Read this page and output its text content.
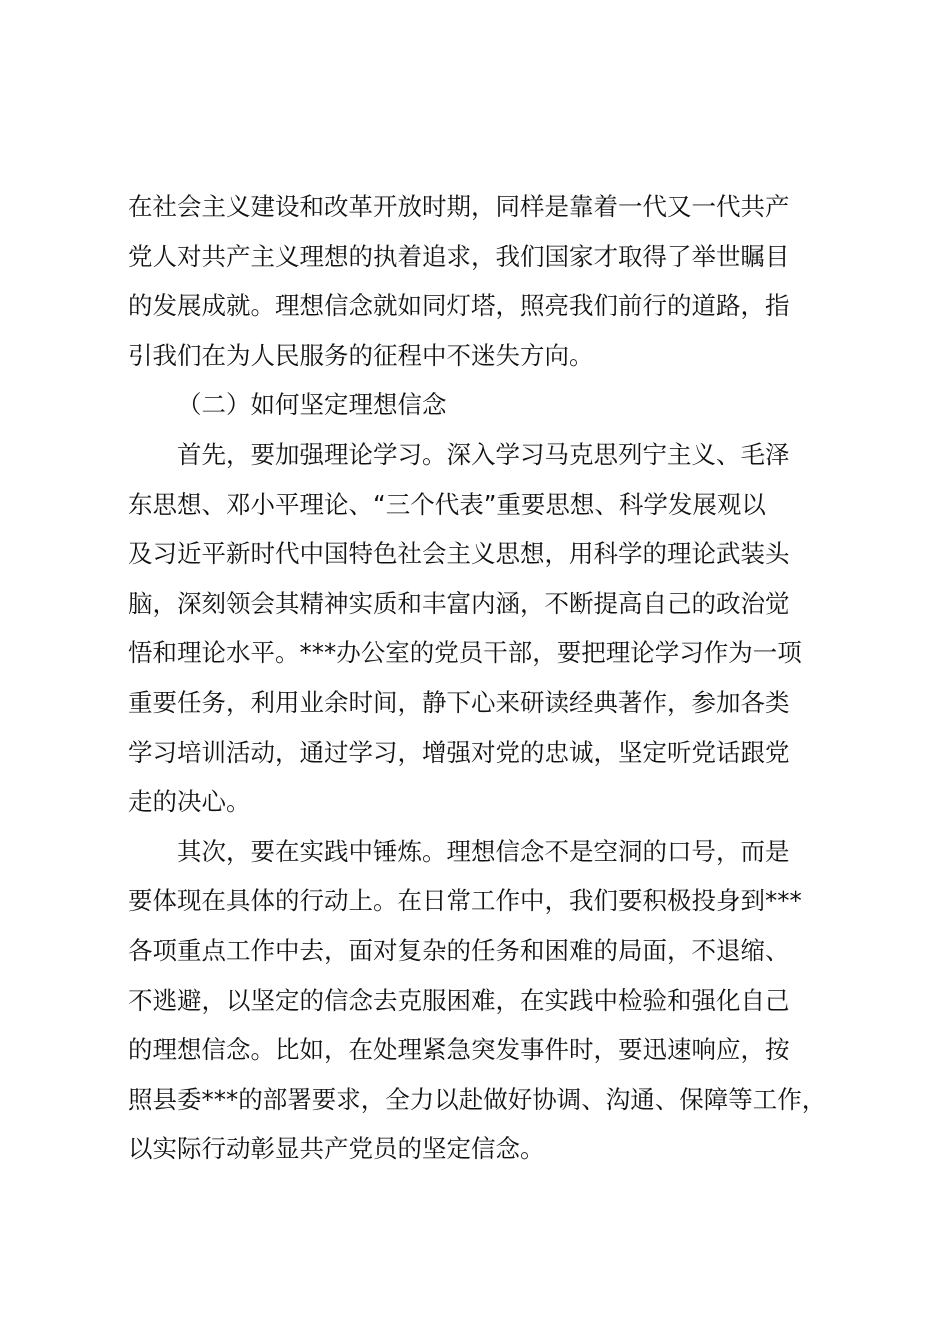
在社会主义建设和改革开放时期，同样是靠着一代又一代共产
党人对共产主义理想的执着追求，我们国家才取得了举世瞩目
的发展成就。理想信念就如同灯塔，照亮我们前行的道路，指
引我们在为人民服务的征程中不迷失方向。

（二）如何坚定理想信念

首先，要加强理论学习。深入学习马克思列宁主义、毛泽
东思想、邓小平理论、“三个代表”重要思想、科学发展观以
及习近平新时代中国特色社会主义思想，用科学的理论武装头
脑，深刻领会其精神实质和丰富内涵，不断提高自己的政治觉
悟和理论水平。***办公室的党员干部，要把理论学习作为一项
重要任务，利用业余时间，静下心来研读经典著作，参加各类
学习培训活动，通过学习，增强对党的忠诚，坚定听党话跟党
走的决心。

其次，要在实践中锤炼。理想信念不是空洞的口号，而是
要体现在具体的行动上。在日常工作中，我们要积极投身到***
各项重点工作中去，面对复杂的任务和困难的局面，不退缩、
不逃避，以坚定的信念去克服困难，在实践中检验和强化自己
的理想信念。比如，在处理紧急突发事件时，要迅速响应，按
照县委***的部署要求，全力以赴做好协调、沟通、保障等工作，
以实际行动彰显共产党员的坚定信念。
